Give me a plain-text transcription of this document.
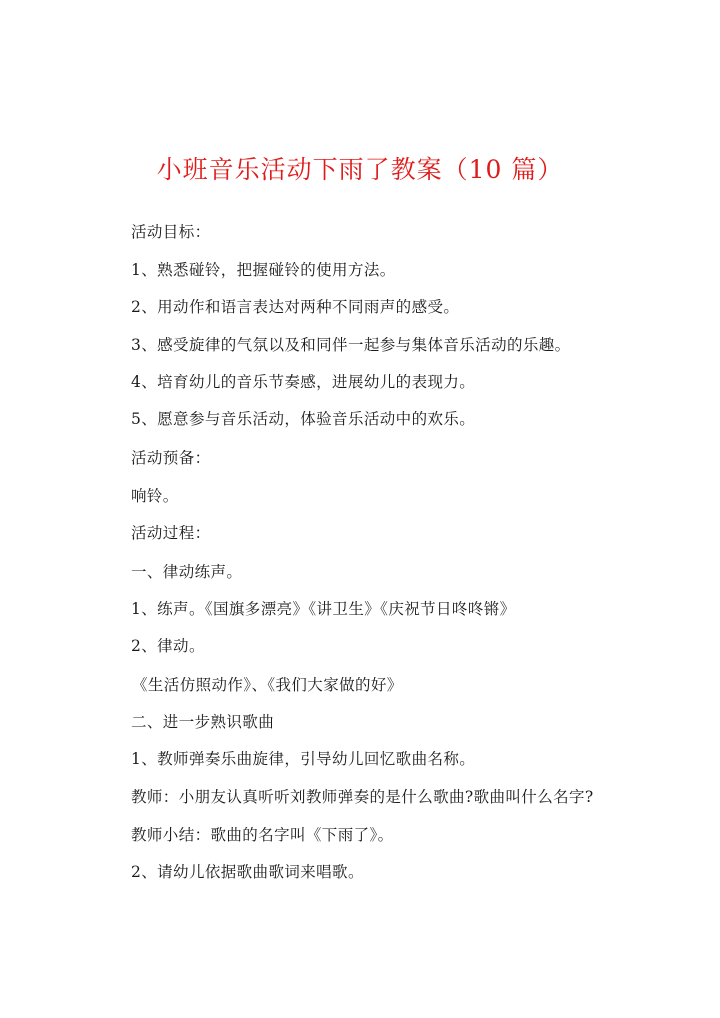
小班音乐活动下雨了教案（10 篇）
活动目标：
1、熟悉碰铃，把握碰铃的使用方法。
2、用动作和语言表达对两种不同雨声的感受。
3、感受旋律的气氛以及和同伴一起参与集体音乐活动的乐趣。
4、培育幼儿的音乐节奏感，进展幼儿的表现力。
5、愿意参与音乐活动，体验音乐活动中的欢乐。
活动预备：
响铃。
活动过程：
一、律动练声。
1、练声。《国旗多漂亮》《讲卫生》《庆祝节日咚咚锵》
2、律动。
《生活仿照动作》、《我们大家做的好》
二、进一步熟识歌曲
1、教师弹奏乐曲旋律，引导幼儿回忆歌曲名称。
教师：小朋友认真听听刘教师弹奏的是什么歌曲?歌曲叫什么名字?
教师小结：歌曲的名字叫《下雨了》。
2、请幼儿依据歌曲歌词来唱歌。
